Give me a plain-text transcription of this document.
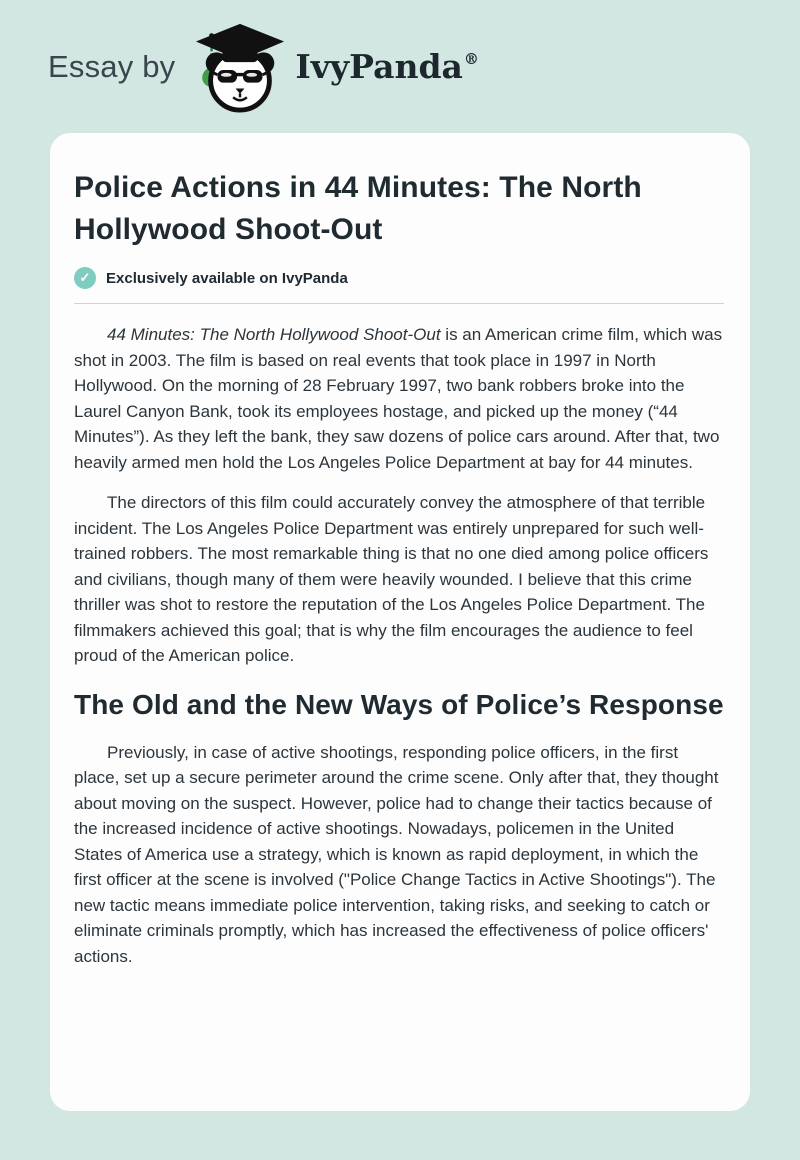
Essay by	IvyPanda®
Police Actions in 44 Minutes: The North Hollywood Shoot-Out
✓	Exclusively available on IvyPanda

44 Minutes: The North Hollywood Shoot-Out is an American crime film, which was shot in 2003. The film is based on real events that took place in 1997 in North Hollywood. On the morning of 28 February 1997, two bank robbers broke into the Laurel Canyon Bank, took its employees hostage, and picked up the money (“44 Minutes”). As they left the bank, they saw dozens of police cars around. After that, two heavily armed men hold the Los Angeles Police Department at bay for 44 minutes.

The directors of this film could accurately convey the atmosphere of that terrible incident. The Los Angeles Police Department was entirely unprepared for such well-trained robbers. The most remarkable thing is that no one died among police officers and civilians, though many of them were heavily wounded. I believe that this crime thriller was shot to restore the reputation of the Los Angeles Police Department. The filmmakers achieved this goal; that is why the film encourages the audience to feel proud of the American police.

The Old and the New Ways of Police’s Response

Previously, in case of active shootings, responding police officers, in the first place, set up a secure perimeter around the crime scene. Only after that, they thought about moving on the suspect. However, police had to change their tactics because of the increased incidence of active shootings. Nowadays, policemen in the United States of America use a strategy, which is known as rapid deployment, in which the first officer at the scene is involved ("Police Change Tactics in Active Shootings"). The new tactic means immediate police intervention, taking risks, and seeking to catch or eliminate criminals promptly, which has increased the effectiveness of police officers' actions.
